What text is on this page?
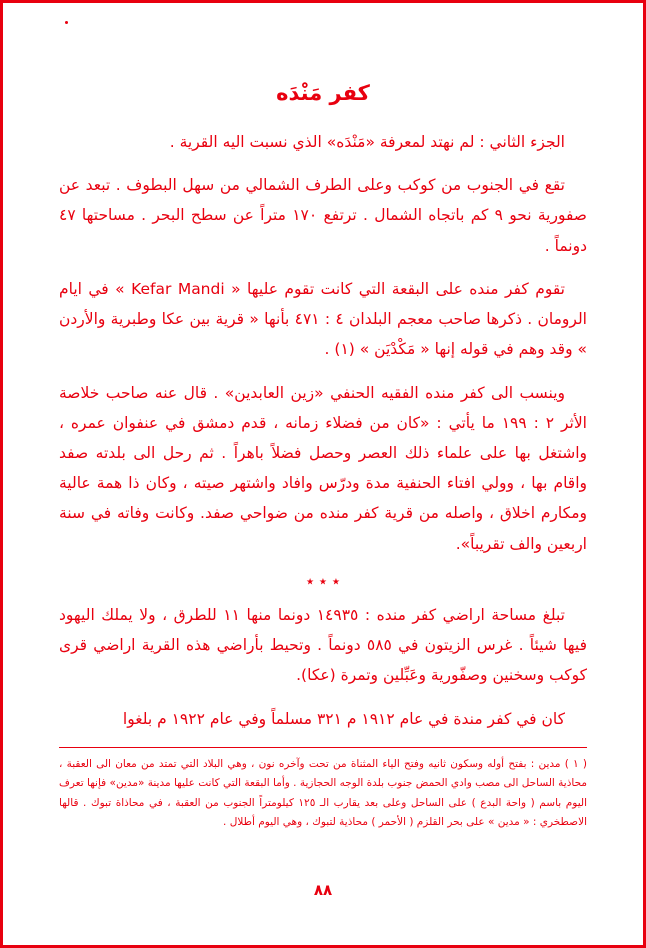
كفر مَنْدَه

الجزء الثاني : لم نهتد لمعرفة «مَنْدَه» الذي نسبت اليه القرية .

تقع في الجنوب من كوكب وعلى الطرف الشمالي من سهل البطوف . تبعد عن صفورية نحو ٩ كم باتجاه الشمال . ترتفع ١٧٠ متراً عن سطح البحر . مساحتها ٤٧ دونماً .

تقوم كفر منده على البقعة التي كانت تقوم عليها « Kefar Mandi » في ايام الرومان . ذكرها صاحب معجم البلدان ٤ : ٤٧١ بأنها « قرية بين عكا وطبرية والأردن » وقد وهم في قوله إنها « مَكْدْيَن » (١) .

وينسب الى كفر منده الفقيه الحنفي «زين العابدين» . قال عنه صاحب خلاصة الأثر ٢ : ١٩٩ ما يأتي : «كان من فضلاء زمانه ، قدم دمشق في عنفوان عمره ، واشتغل بها على علماء ذلك العصر وحصل فضلاً باهراً . ثم رحل الى بلدته صفد واقام بها ، وولي افتاء الحنفية مدة ودرّس وافاد واشتهر صيته ، وكان ذا همة عالية ومكارم اخلاق ، واصله من قرية كفر منده من ضواحي صفد. وكانت وفاته في سنة اربعين والف تقريباً».

٭ ٭ ٭

تبلغ مساحة اراضي كفر منده : ١٤٩٣٥ دونما منها ١١ للطرق ، ولا يملك اليهود فيها شيئاً . غرس الزيتون في ٥٨٥ دونماً . وتحيط بأراضي هذه القرية اراضي قرى كوكب وسخنين وصفّورية وعَبِّلين وتمرة (عكا).

كان في كفر مندة في عام ١٩١٢ م ٣٢١ مسلماً وفي عام ١٩٢٢ م بلغوا

( ١ ) مدين : بفتح أوله وسكون ثانيه وفتح الياء المثناة من تحت وآخره نون ، وهي البلاد التي تمتد من معان الى العقبة ، محاذية الساحل الى مصب وادي الحمض جنوب بلدة الوجه الحجازية . وأما البقعة التي كانت عليها مدينة «مدين» فإنها تعرف اليوم باسم ( واحة البدع ) على الساحل وعلى بعد يقارب الـ ١٢٥ كيلومتراً الجنوب من العقبة ، في محاذاة تبوك . قالها الاصطخري : « مدين » على بحر القلزم ( الأحمر ) محاذية لتبوك ، وهي اليوم أطلال .

٨٨
